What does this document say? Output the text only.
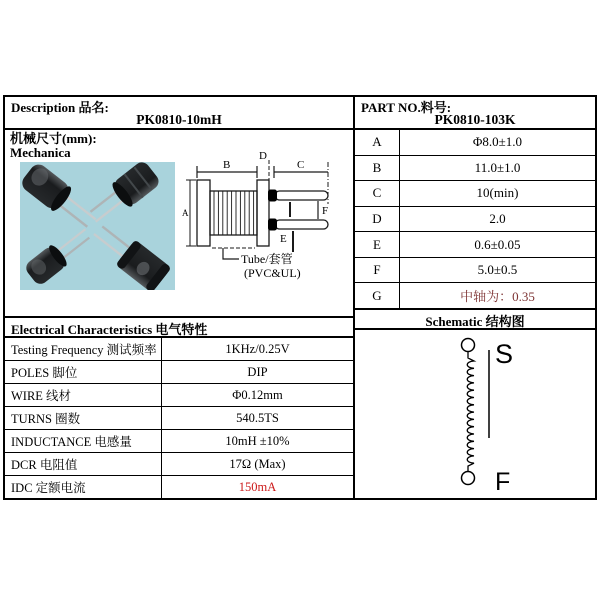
Description 品名:
PK0810-10mH
PART NO.料号:
PK0810-103K
机械尺寸(mm):
Mechanica
A
B
D
C
F
E
Tube/套管
(PVC&UL)
Electrical Characteristics 电气特性
Testing Frequency 测试频率	1KHz/0.25V
POLES 脚位	DIP
WIRE 线材	Φ0.12mm
TURNS 圈数	540.5TS
INDUCTANCE 电感量	10mH ±10%
DCR 电阻值	17Ω (Max)
IDC 定额电流	150mA
A	Φ8.0±1.0
B	11.0±1.0
C	10(min)
D	2.0
E	0.6±0.05
F	5.0±0.5
G	中轴为：0.35
Schematic 结构图
S
F
